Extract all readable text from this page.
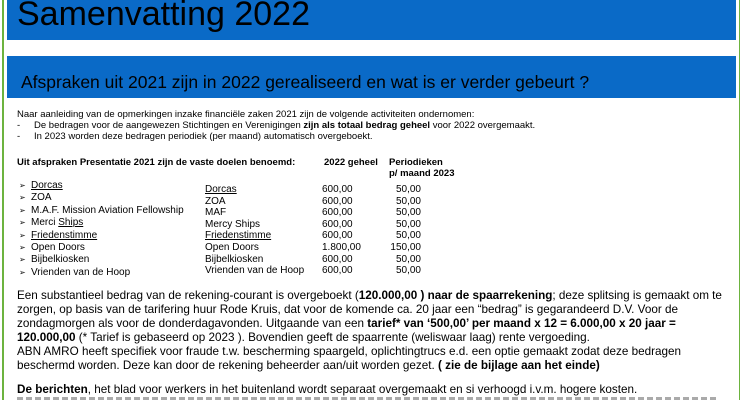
Samenvatting 2022
Afspraken uit 2021 zijn in 2022 gerealiseerd en wat is er verder gebeurt ?
Naar aanleiding van de opmerkingen inzake financiële zaken 2021 zijn de volgende activiteiten ondernomen:
- De bedragen voor de aangewezen Stichtingen en Verenigingen zijn als totaal bedrag geheel voor 2022 overgemaakt.
- In 2023 worden deze bedragen periodiek (per maand) automatisch overgeboekt.
Uit afspraken Presentatie 2021 zijn de vaste doelen benoemd:	2022 geheel Periodieken
p/ maand 2023
➢ Dorcas
➢ ZOA
➢ M.A.F. Mission Aviation Fellowship
➢ Merci Ships
➢ Friedenstimme
➢ Open Doors
➢ Bijbelkiosken
➢ Vrienden van de Hoop
Dorcas	600,00	50,00
ZOA	600,00	50,00
MAF	600,00	50,00
Mercy Ships	600,00	50,00
Friedenstimme	600,00	50,00
Open Doors	1.800,00	150,00
Bijbelkiosken	600,00	50,00
Vrienden van de Hoop	600,00	50,00
Een substantieel bedrag van de rekening-courant is overgeboekt (120.000,00 ) naar de spaarrekening; deze splitsing is gemaakt om te zorgen, op basis van de tarifering huur Rode Kruis, dat voor de komende ca. 20 jaar een “bedrag” is gegarandeerd D.V. Voor de zondagmorgen als voor de donderdagavonden. Uitgaande van een tarief* van ‘500,00’ per maand x 12 = 6.000,00 x 20 jaar = 120.000,00 (* Tarief is gebaseerd op 2023 ). Bovendien geeft de spaarrente (weliswaar laag) rente vergoeding.
ABN AMRO heeft specifiek voor fraude t.w. bescherming spaargeld, oplichtingtrucs e.d. een optie gemaakt zodat deze bedragen beschermd worden. Deze kan door de rekening beheerder aan/uit worden gezet. ( zie de bijlage aan het einde)
De berichten, het blad voor werkers in het buitenland wordt separaat overgemaakt en si verhoogd i.v.m. hogere kosten.
